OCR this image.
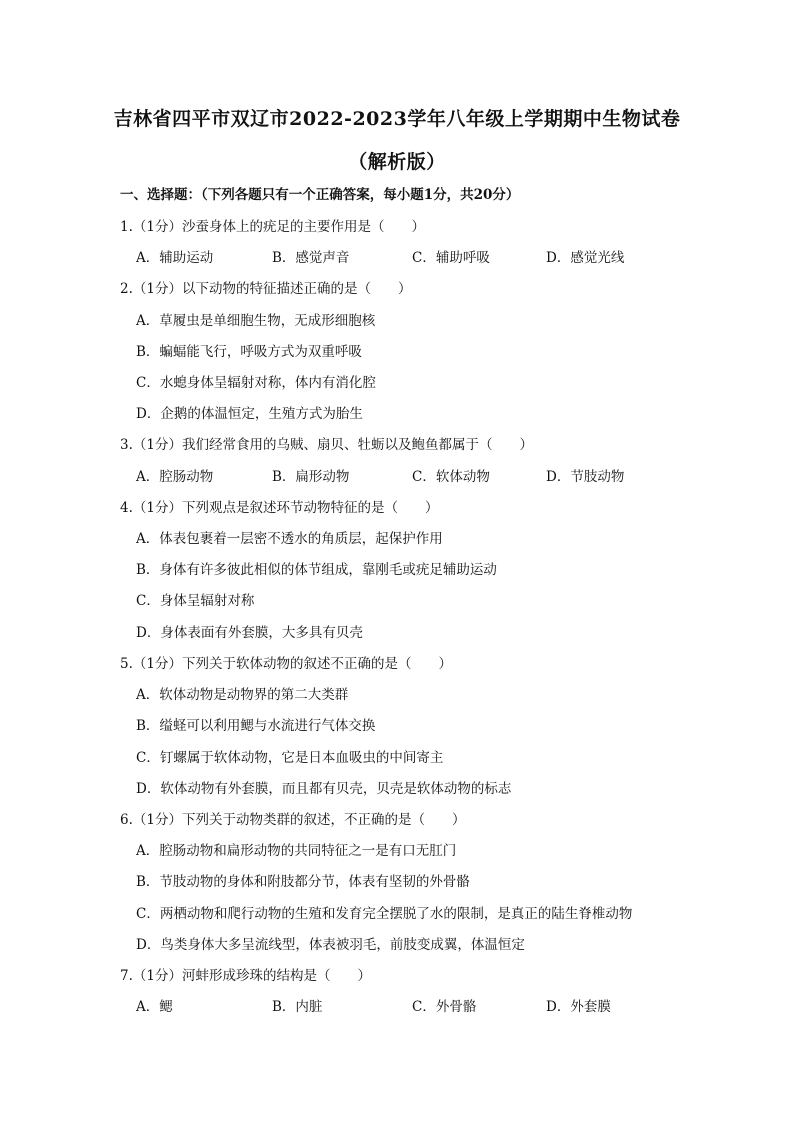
吉林省四平市双辽市2022-2023学年八年级上学期期中生物试卷
（解析版）
一、选择题：（下列各题只有一个正确答案，每小题1分，共20分）
1.（1分）沙蚕身体上的疣足的主要作用是（　　）
A．辅助运动	B．感觉声音	C．辅助呼吸	D．感觉光线
2.（1分）以下动物的特征描述正确的是（　　）
A．草履虫是单细胞生物，无成形细胞核
B．蝙蝠能飞行，呼吸方式为双重呼吸
C．水螅身体呈辐射对称，体内有消化腔
D．企鹅的体温恒定，生殖方式为胎生
3.（1分）我们经常食用的乌贼、扇贝、牡蛎以及鲍鱼都属于（　　）
A．腔肠动物	B．扁形动物	C．软体动物	D．节肢动物
4.（1分）下列观点是叙述环节动物特征的是（　　）
A．体表包裹着一层密不透水的角质层，起保护作用
B．身体有许多彼此相似的体节组成，靠刚毛或疣足辅助运动
C．身体呈辐射对称
D．身体表面有外套膜，大多具有贝壳
5.（1分）下列关于软体动物的叙述不正确的是（　　）
A．软体动物是动物界的第二大类群
B．缢蛏可以利用鳃与水流进行气体交换
C．钉螺属于软体动物，它是日本血吸虫的中间寄主
D．软体动物有外套膜，而且都有贝壳，贝壳是软体动物的标志
6.（1分）下列关于动物类群的叙述，不正确的是（　　）
A．腔肠动物和扁形动物的共同特征之一是有口无肛门
B．节肢动物的身体和附肢都分节，体表有坚韧的外骨骼
C．两栖动物和爬行动物的生殖和发育完全摆脱了水的限制，是真正的陆生脊椎动物
D．鸟类身体大多呈流线型，体表被羽毛，前肢变成翼，体温恒定
7.（1分）河蚌形成珍珠的结构是（　　）
A．鳃	B．内脏	C．外骨骼	D．外套膜
